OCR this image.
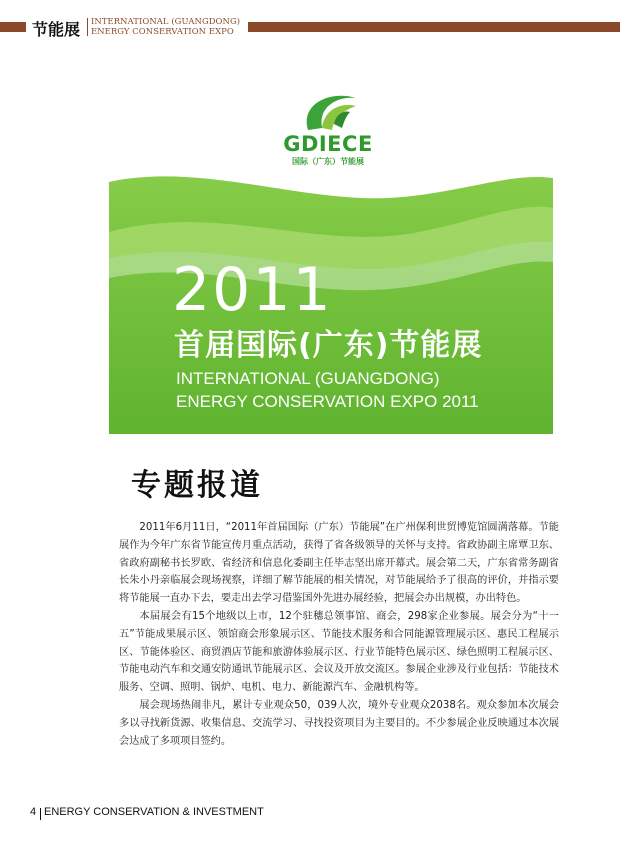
节能展 INTERNATIONAL (GUANGDONG)
ENERGY CONSERVATION EXPO
GDIECE
国际（广东）节能展
2011
首届国际(广东)节能展
INTERNATIONAL (GUANGDONG)
ENERGY CONSERVATION EXPO 2011
专题报道

2011年6月11日，“2011年首届国际（广东）节能展”在广州保利世贸博览馆圆满落幕。节能展作为今年广东省节能宣传月重点活动，获得了省各级领导的关怀与支持。省政协副主席覃卫东、省政府副秘书长罗欧、省经济和信息化委副主任毕志坚出席开幕式。展会第二天，广东省常务副省长朱小丹亲临展会现场视察，详细了解节能展的相关情况，对节能展给予了很高的评价，并指示要将节能展一直办下去，要走出去学习借鉴国外先进办展经验，把展会办出规模，办出特色。

本届展会有15个地级以上市，12个驻穗总领事馆、商会，298家企业参展。展会分为“十一五”节能成果展示区、领馆商会形象展示区、节能技术服务和合同能源管理展示区、惠民工程展示区、节能体验区、商贸酒店节能和旅游体验展示区、行业节能特色展示区、绿色照明工程展示区、节能电动汽车和交通安防通讯节能展示区、会议及开放交流区。参展企业涉及行业包括：节能技术服务、空调、照明、锅炉、电机、电力、新能源汽车、金融机构等。

展会现场热闹非凡，累计专业观众50，039人次，境外专业观众2038名。观众参加本次展会多以寻找新货源、收集信息、交流学习、寻找投资项目为主要目的。不少参展企业反映通过本次展会达成了多项项目签约。

4 ENERGY CONSERVATION & INVESTMENT
